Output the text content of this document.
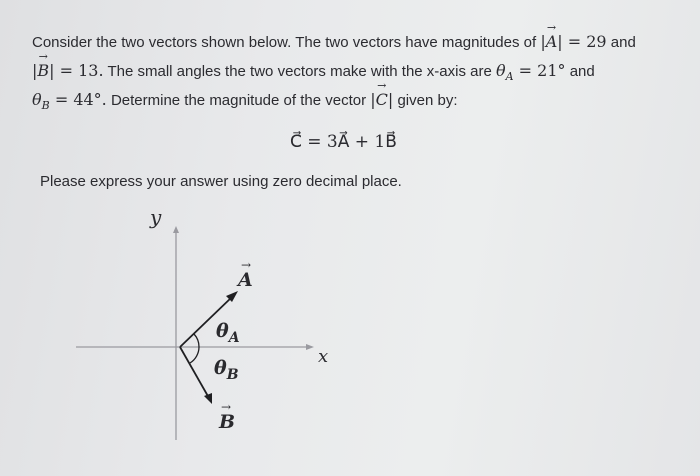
Consider the two vectors shown below. The two vectors have magnitudes of |A →| = 29 and
|B →| = 13. The small angles the two vectors make with the x-axis are $\theta_A = 21^\circ$ and
$\theta_B = 44^\circ$. Determine the magnitude of the vector |C →| given by:
C⃗ = 3A⃗ + 1B⃗
Please express your answer using zero decimal place.
y
x
A
→
B
→
$\theta_A$
$\theta_B$
